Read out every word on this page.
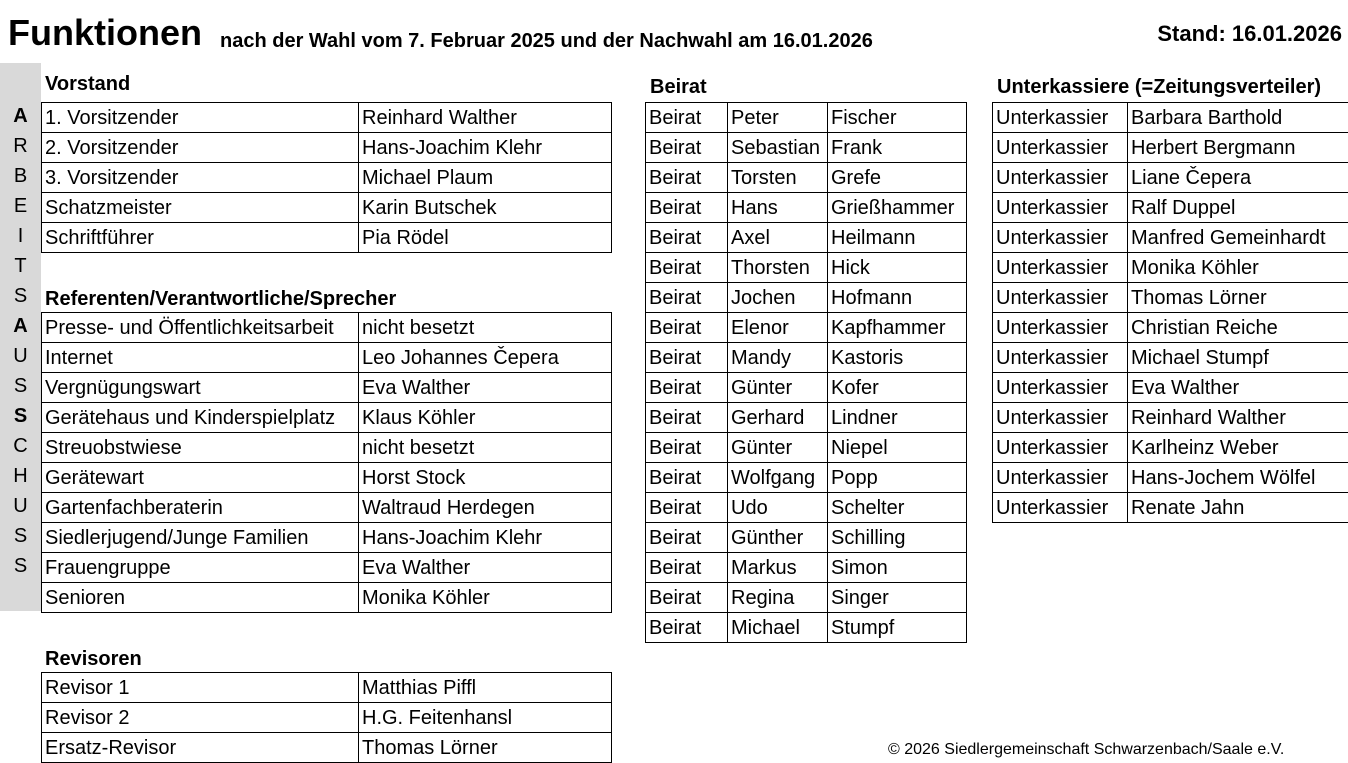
Funktionen nach der Wahl vom 7. Februar 2025 und der Nachwahl am 16.01.2026	Stand: 16.01.2026
A
R
B
E
I
T
S
A
U
S
S
C
H
U
S
S
Vorstand
1. Vorsitzender	Reinhard Walther
2. Vorsitzender	Hans-Joachim Klehr
3. Vorsitzender	Michael Plaum
Schatzmeister	Karin Butschek
Schriftführer	Pia Rödel
Referenten/Verantwortliche/Sprecher
Presse- und Öffentlichkeitsarbeit	nicht besetzt
Internet	Leo Johannes Čepera
Vergnügungswart	Eva Walther
Gerätehaus und Kinderspielplatz	Klaus Köhler
Streuobstwiese	nicht besetzt
Gerätewart	Horst Stock
Gartenfachberaterin	Waltraud Herdegen
Siedlerjugend/Junge Familien	Hans-Joachim Klehr
Frauengruppe	Eva Walther
Senioren	Monika Köhler
Revisoren
Revisor 1	Matthias Piffl
Revisor 2	H.G. Feitenhansl
Ersatz-Revisor	Thomas Lörner
Beirat
Beirat	Peter	Fischer
Beirat	Sebastian	Frank
Beirat	Torsten	Grefe
Beirat	Hans	Grießhammer
Beirat	Axel	Heilmann
Beirat	Thorsten	Hick
Beirat	Jochen	Hofmann
Beirat	Elenor	Kapfhammer
Beirat	Mandy	Kastoris
Beirat	Günter	Kofer
Beirat	Gerhard	Lindner
Beirat	Günter	Niepel
Beirat	Wolfgang	Popp
Beirat	Udo	Schelter
Beirat	Günther	Schilling
Beirat	Markus	Simon
Beirat	Regina	Singer
Beirat	Michael	Stumpf
Unterkassiere (=Zeitungsverteiler)
Unterkassier	Barbara Barthold
Unterkassier	Herbert Bergmann
Unterkassier	Liane Čepera
Unterkassier	Ralf Duppel
Unterkassier	Manfred Gemeinhardt
Unterkassier	Monika Köhler
Unterkassier	Thomas Lörner
Unterkassier	Christian Reiche
Unterkassier	Michael Stumpf
Unterkassier	Eva Walther
Unterkassier	Reinhard Walther
Unterkassier	Karlheinz Weber
Unterkassier	Hans-Jochem Wölfel
Unterkassier	Renate Jahn
© 2026 Siedlergemeinschaft Schwarzenbach/Saale e.V.
